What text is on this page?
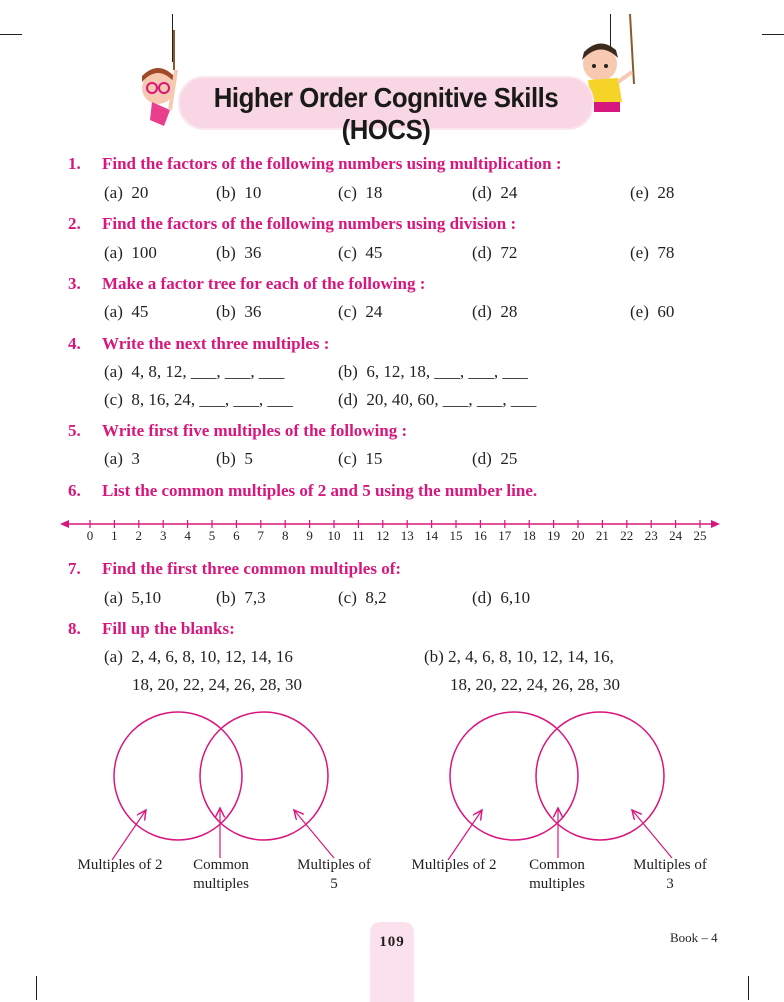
Higher Order Cognitive Skills (HOCS)
1. Find the factors of the following numbers using multiplication :
(a) 20	(b) 10	(c) 18	(d) 24	(e) 28
2. Find the factors of the following numbers using division :
(a) 100	(b) 36	(c) 45	(d) 72	(e) 78
3. Make a factor tree for each of the following :
(a) 45	(b) 36	(c) 24	(d) 28	(e) 60
4. Write the next three multiples :
(a) 4, 8, 12, ___, ___, ___	(b) 6, 12, 18, ___, ___, ___
(c) 8, 16, 24, ___, ___, ___	(d) 20, 40, 60, ___, ___, ___
5. Write first five multiples of the following :
(a) 3	(b) 5	(c) 15	(d) 25
6. List the common multiples of 2 and 5 using the number line.
0	1	2	3	4	5	6	7	8	9	10 11 12 13 14 15 16 17 18 19 20 21 22 23 24 25
7. Find the first three common multiples of:
(a) 5,10	(b) 7,3	(c) 8,2	(d) 6,10
8. Fill up the blanks:
(a) 2, 4, 6, 8, 10, 12, 14, 16
18, 20, 22, 24, 26, 28, 30
(b) 2, 4, 6, 8, 10, 12, 14, 16,
18, 20, 22, 24, 26, 28, 30
Multiples of 2	Common
multiples
Multiples of
5
Multiples of 2	Common
multiples
Multiples of
3
109	Book – 4
